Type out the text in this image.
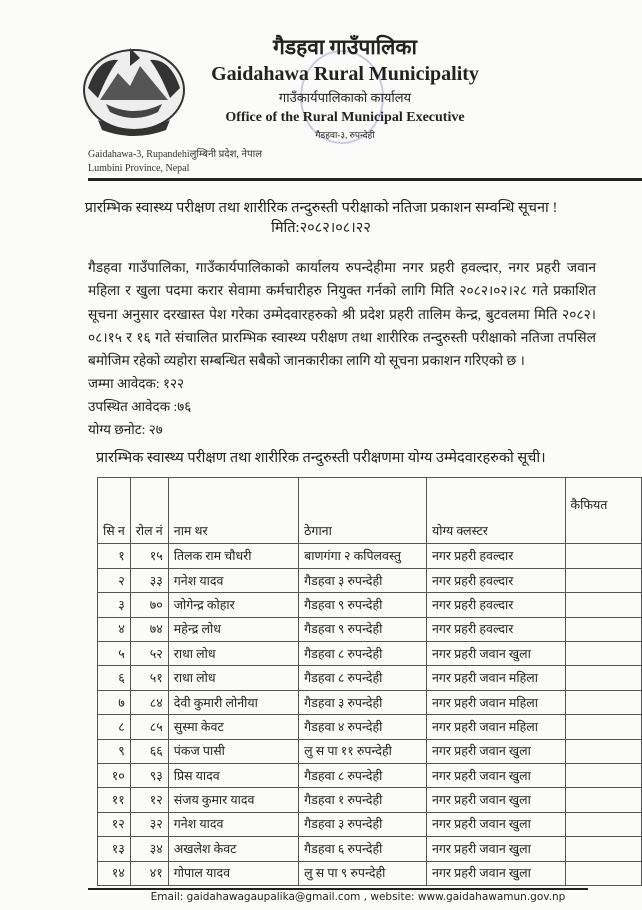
गैडहवा गाउँपालिका
Gaidahawa Rural Municipality
गाउँकार्यपालिकाको कार्यालय
Office of the Rural Municipal Executive
गैडहवा-३, रुपन्देही
Gaidahawa-3, Rupandehiलुम्बिनी प्रदेश, नेपाल
Lumbini Province, Nepal
प्रारम्भिक स्वास्थ्य परीक्षण तथा शारीरिक तन्दुरुस्ती परीक्षाको नतिजा प्रकाशन सम्वन्धि सूचना !
मिति:२०८२।०८।२२
गैडहवा गाउँपालिका, गाउँकार्यपालिकाको कार्यालय रुपन्देहीमा नगर प्रहरी हवल्दार, नगर प्रहरी जवान महिला र खुला पदमा करार सेवामा कर्मचारीहरु नियुक्त गर्नको लागि मिति २०८२।०२।२८ गते प्रकाशित सूचना अनुसार दरखास्त पेश गरेका उम्मेदवारहरुको श्री प्रदेश प्रहरी तालिम केन्द्र, बुटवलमा मिति २०८२।०८।१५ र १६ गते संचालित प्रारम्भिक स्वास्थ्य परीक्षण तथा शारीरिक तन्दुरुस्ती परीक्षाको नतिजा तपसिल बमोजिम रहेको व्यहोरा सम्बन्धित सबैको जानकारीका लागि यो सूचना प्रकाशन गरिएको छ ।
जम्मा आवेदक: १२२
उपस्थित आवेदक :७६
योग्य छनोट: २७
प्रारम्भिक स्वास्थ्य परीक्षण तथा शारीरिक तन्दुरुस्ती परीक्षणमा योग्य उम्मेदवारहरुको सूची।
सि न	रोल नं	नाम थर	ठेगाना	योग्य क्लस्टर	कैफियत
१	१५	तिलक राम चौधरी	बाणगंगा २ कपिलवस्तु	नगर प्रहरी हवल्दार	
२	३३	गनेश यादव	गैडहवा ३ रुपन्देही	नगर प्रहरी हवल्दार	
३	७०	जोगेन्द्र कोहार	गैडहवा ९ रुपन्देही	नगर प्रहरी हवल्दार	
४	७४	महेन्द्र लोध	गैडहवा ९ रुपन्देही	नगर प्रहरी हवल्दार	
५	५२	राधा लोध	गैडहवा ८ रुपन्देही	नगर प्रहरी जवान खुला	
६	५१	राधा लोध	गैडहवा ८ रुपन्देही	नगर प्रहरी जवान महिला	
७	८४	देवी कुमारी लोनीया	गैडहवा ३ रुपन्देही	नगर प्रहरी जवान महिला	
८	८५	सुस्मा केवट	गैडहवा ४ रुपन्देही	नगर प्रहरी जवान महिला	
९	६६	पंकज पासी	लु स पा ११ रुपन्देही	नगर प्रहरी जवान खुला	
१०	९३	प्रिस यादव	गैडहवा ८ रुपन्देही	नगर प्रहरी जवान खुला	
११	१२	संजय कुमार यादव	गैडहवा १ रुपन्देही	नगर प्रहरी जवान खुला	
१२	३२	गनेश यादव	गैडहवा ३ रुपन्देही	नगर प्रहरी जवान खुला	
१३	३४	अखलेश केवट	गैडहवा ६ रुपन्देही	नगर प्रहरी जवान खुला	
१४	४१	गोपाल यादव	लु स पा ९ रुपन्देही	नगर प्रहरी जवान खुला	
Email: gaidahawagaupalika@gmail.com , website: www.gaidahawamun.gov.np
